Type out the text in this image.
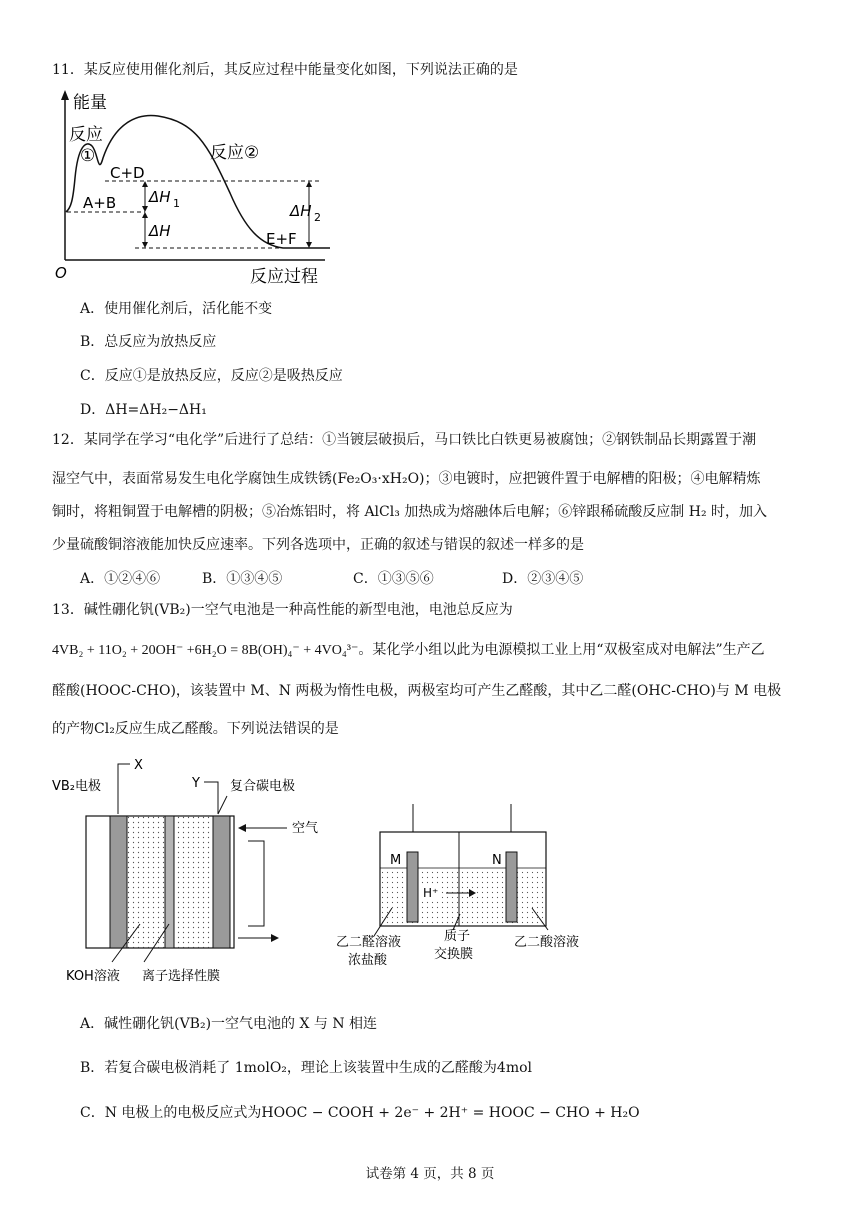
11．某反应使用催化剂后，其反应过程中能量变化如图，下列说法正确的是
能量
反应过程
O
反应
①	反应②
C+D
A+B
E+F
ΔH 1
ΔH
ΔH 2
A．使用催化剂后，活化能不变
B．总反应为放热反应
C．反应①是放热反应，反应②是吸热反应
D．ΔH=ΔH₂−ΔH₁
12．某同学在学习“电化学”后进行了总结：①当镀层破损后，马口铁比白铁更易被腐蚀；②钢铁制品长期露置于潮
湿空气中，表面常易发生电化学腐蚀生成铁锈(Fe₂O₃·xH₂O)；③电镀时，应把镀件置于电解槽的阳极；④电解精炼
铜时，将粗铜置于电解槽的阴极；⑤冶炼铝时，将 AlCl₃ 加热成为熔融体后电解；⑥锌跟稀硫酸反应制 H₂ 时，加入
少量硫酸铜溶液能加快反应速率。下列各选项中，正确的叙述与错误的叙述一样多的是
A．①②④⑥	B．①③④⑤	C．①③⑤⑥	D．②③④⑤
13．碱性硼化钒(VB₂)一空气电池是一种高性能的新型电池，电池总反应为
4VB₂ + 11O₂ + 20OH⁻ +6H₂O = 8B(OH)₄⁻ + 4VO₄³⁻。某化学小组以此为电源模拟工业上用“双极室成对电解法”生产乙
醛酸(HOOC-CHO)，该装置中 M、N 两极为惰性电极，两极室均可产生乙醛酸，其中乙二醛(OHC-CHO)与 M 电极
的产物Cl₂反应生成乙醛酸。下列说法错误的是
VB₂电极
X
Y 复合碳电极
空气
KOH溶液 离子选择性膜
M	N
H⁺
乙二醛溶液
浓盐酸
质子
交换膜
乙二酸溶液
A．碱性硼化钒(VB₂)一空气电池的 X 与 N 相连
B．若复合碳电极消耗了 1molO₂，理论上该装置中生成的乙醛酸为4mol
C．N 电极上的电极反应式为HOOC − COOH + 2e⁻ + 2H⁺ = HOOC − CHO + H₂O
试卷第 4 页，共 8 页
